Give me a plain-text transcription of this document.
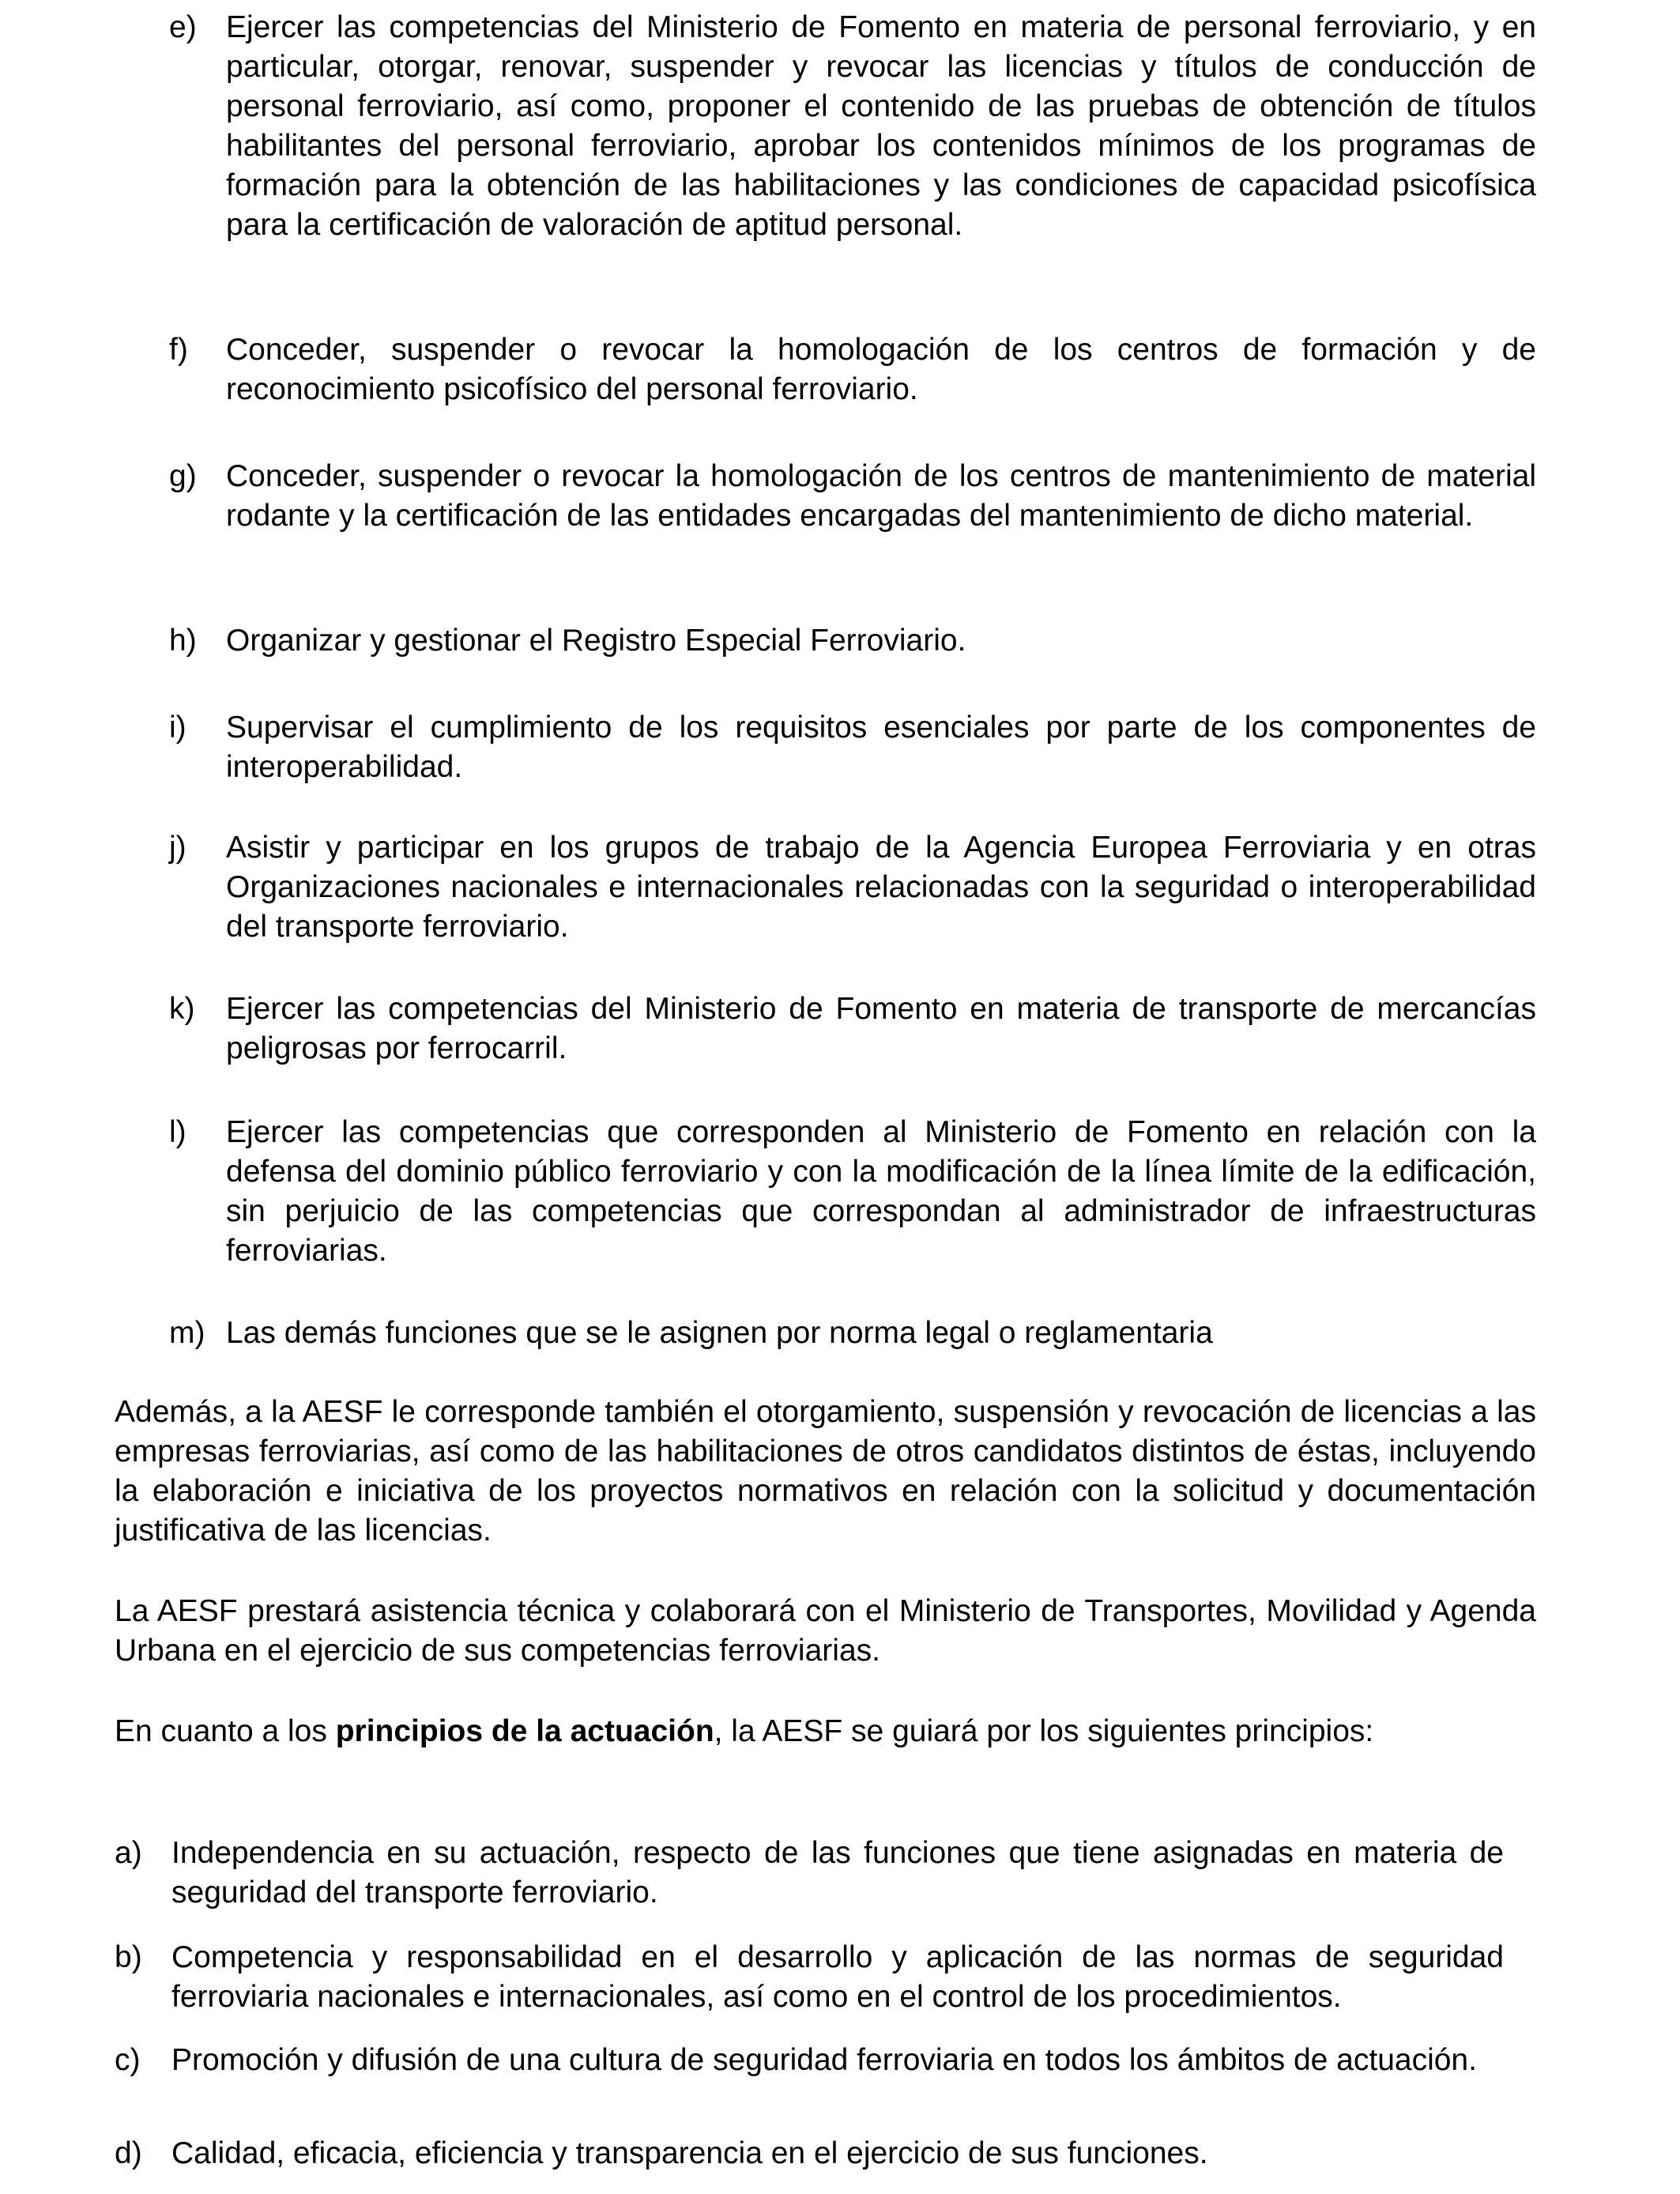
e) Ejercer las competencias del Ministerio de Fomento en materia de personal ferroviario, y en particular, otorgar, renovar, suspender y revocar las licencias y títulos de conducción de personal ferroviario, así como, proponer el contenido de las pruebas de obtención de títulos habilitantes del personal ferroviario, aprobar los contenidos mínimos de los programas de formación para la obtención de las habilitaciones y las condiciones de capacidad psicofísica para la certificación de valoración de aptitud personal.
f) Conceder, suspender o revocar la homologación de los centros de formación y de reconocimiento psicofísico del personal ferroviario.
g) Conceder, suspender o revocar la homologación de los centros de mantenimiento de material rodante y la certificación de las entidades encargadas del mantenimiento de dicho material.
h) Organizar y gestionar el Registro Especial Ferroviario.
i) Supervisar el cumplimiento de los requisitos esenciales por parte de los componentes de interoperabilidad.
j) Asistir y participar en los grupos de trabajo de la Agencia Europea Ferroviaria y en otras Organizaciones nacionales e internacionales relacionadas con la seguridad o interoperabilidad del transporte ferroviario.
k) Ejercer las competencias del Ministerio de Fomento en materia de transporte de mercancías peligrosas por ferrocarril.
l) Ejercer las competencias que corresponden al Ministerio de Fomento en relación con la defensa del dominio público ferroviario y con la modificación de la línea límite de la edificación, sin perjuicio de las competencias que correspondan al administrador de infraestructuras ferroviarias.
m) Las demás funciones que se le asignen por norma legal o reglamentaria
Además, a la AESF le corresponde también el otorgamiento, suspensión y revocación de licencias a las empresas ferroviarias, así como de las habilitaciones de otros candidatos distintos de éstas, incluyendo la elaboración e iniciativa de los proyectos normativos en relación con la solicitud y documentación justificativa de las licencias.
La AESF prestará asistencia técnica y colaborará con el Ministerio de Transportes, Movilidad y Agenda Urbana en el ejercicio de sus competencias ferroviarias.
En cuanto a los principios de la actuación, la AESF se guiará por los siguientes principios:
a) Independencia en su actuación, respecto de las funciones que tiene asignadas en materia de seguridad del transporte ferroviario.
b) Competencia y responsabilidad en el desarrollo y aplicación de las normas de seguridad ferroviaria nacionales e internacionales, así como en el control de los procedimientos.
c) Promoción y difusión de una cultura de seguridad ferroviaria en todos los ámbitos de actuación.
d) Calidad, eficacia, eficiencia y transparencia en el ejercicio de sus funciones.
